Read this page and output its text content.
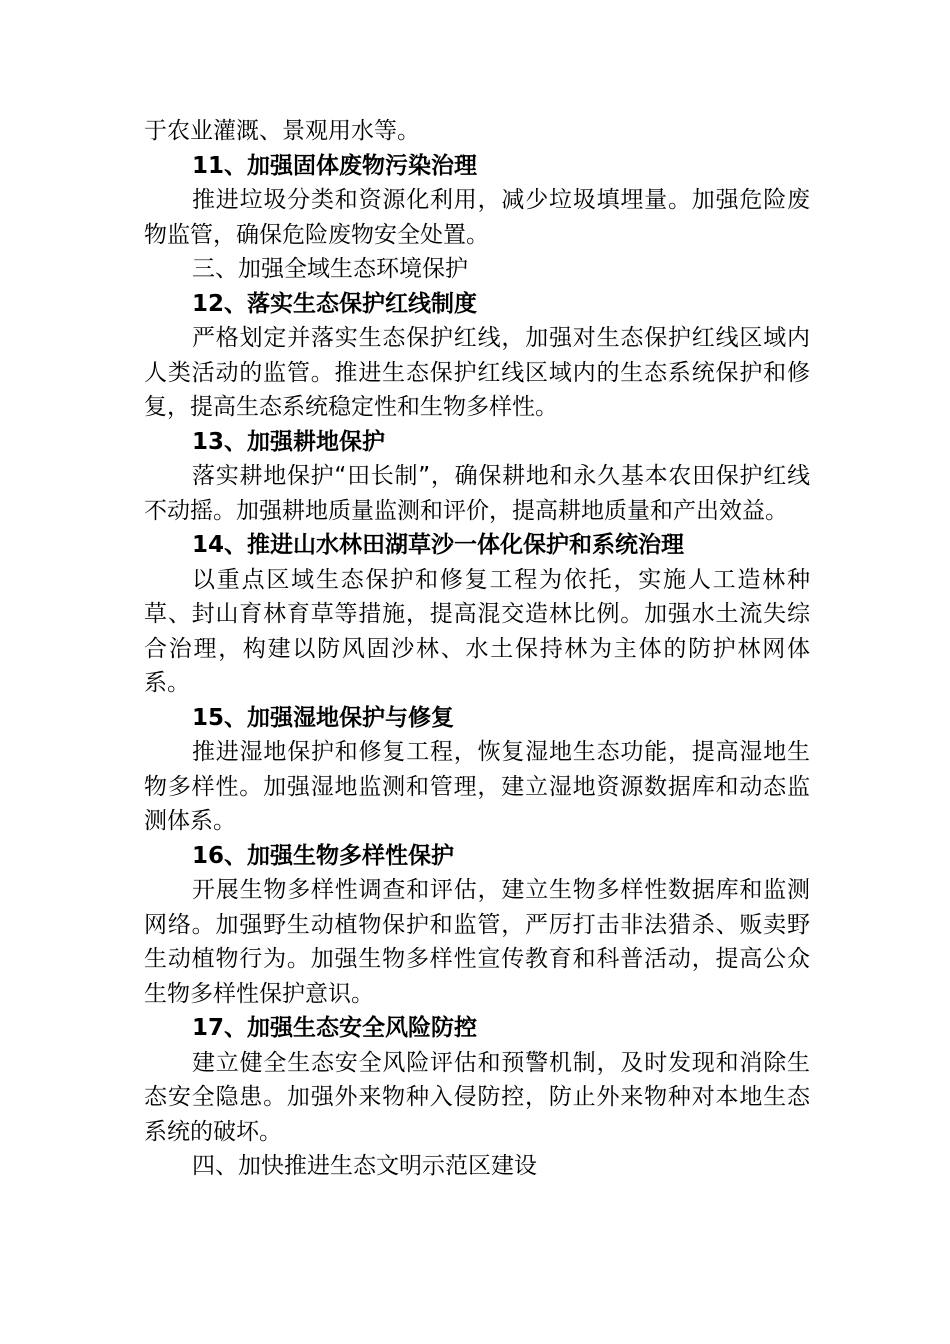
于农业灌溉、景观用水等。

11、加强固体废物污染治理

推进垃圾分类和资源化利用，减少垃圾填埋量。加强危险废物监管，确保危险废物安全处置。

三、加强全域生态环境保护

12、落实生态保护红线制度

严格划定并落实生态保护红线，加强对生态保护红线区域内人类活动的监管。推进生态保护红线区域内的生态系统保护和修复，提高生态系统稳定性和生物多样性。

13、加强耕地保护

落实耕地保护“田长制”，确保耕地和永久基本农田保护红线不动摇。加强耕地质量监测和评价，提高耕地质量和产出效益。

14、推进山水林田湖草沙一体化保护和系统治理

以重点区域生态保护和修复工程为依托，实施人工造林种草、封山育林育草等措施，提高混交造林比例。加强水土流失综合治理，构建以防风固沙林、水土保持林为主体的防护林网体系。

15、加强湿地保护与修复

推进湿地保护和修复工程，恢复湿地生态功能，提高湿地生物多样性。加强湿地监测和管理，建立湿地资源数据库和动态监测体系。

16、加强生物多样性保护

开展生物多样性调查和评估，建立生物多样性数据库和监测网络。加强野生动植物保护和监管，严厉打击非法猎杀、贩卖野生动植物行为。加强生物多样性宣传教育和科普活动，提高公众生物多样性保护意识。

17、加强生态安全风险防控

建立健全生态安全风险评估和预警机制，及时发现和消除生态安全隐患。加强外来物种入侵防控，防止外来物种对本地生态系统的破坏。

四、加快推进生态文明示范区建设
